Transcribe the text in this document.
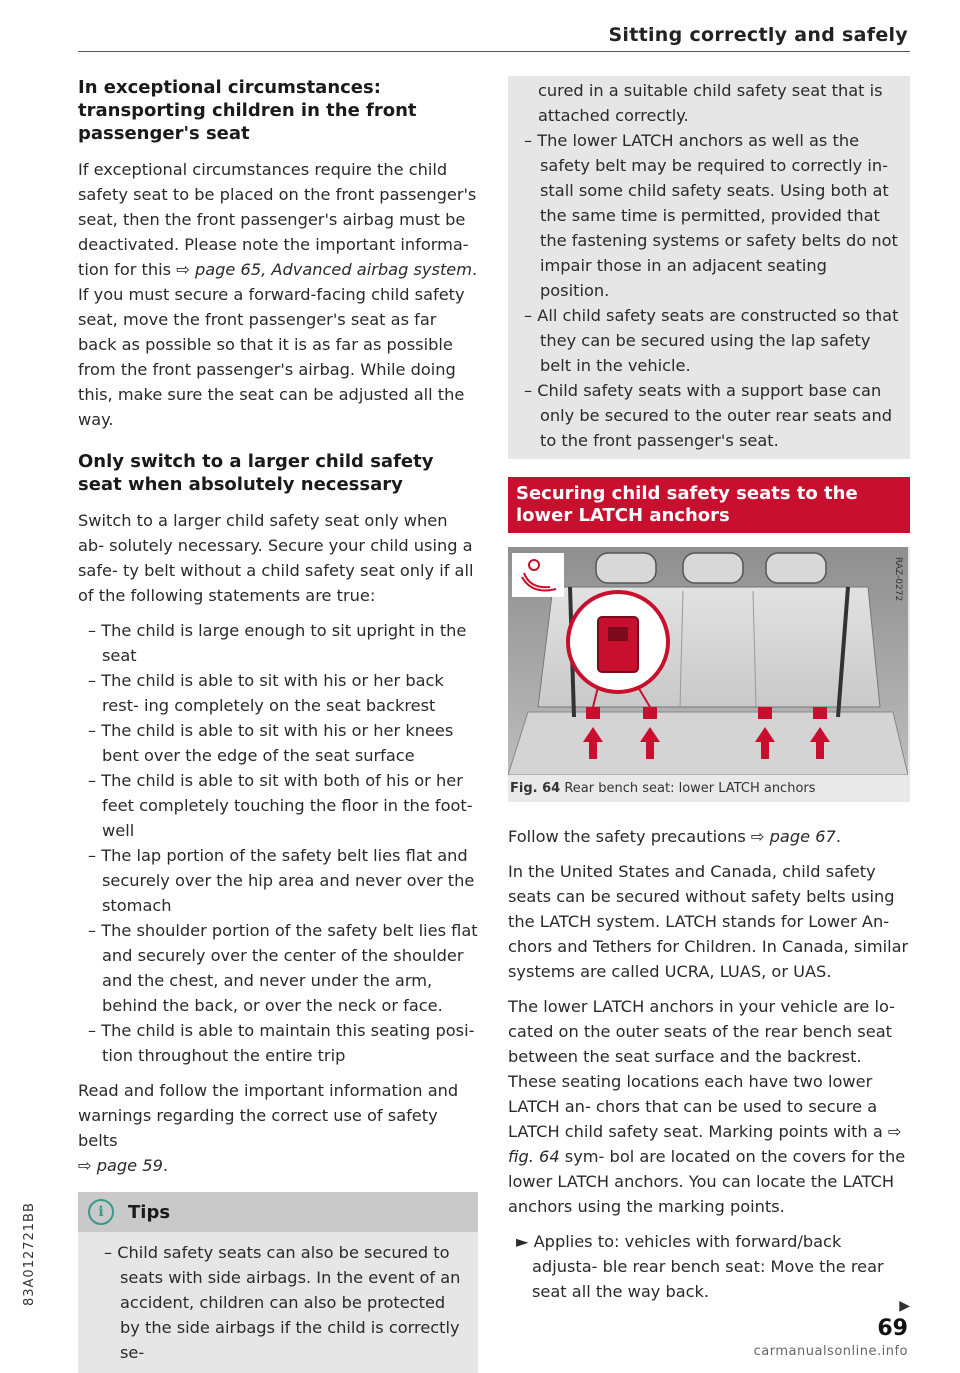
Sitting correctly and safely
In exceptional circumstances: transporting children in the front passenger's seat

If exceptional circumstances require the child safety seat to be placed on the front passenger's seat, then the front passenger's airbag must be deactivated. Please note the important informa- tion for this ⇨ page 65, Advanced airbag system. If you must secure a forward-facing child safety seat, move the front passenger's seat as far back as possible so that it is as far as possible from the front passenger's airbag. While doing this, make sure the seat can be adjusted all the way.

Only switch to a larger child safety seat when absolutely necessary

Switch to a larger child safety seat only when ab- solutely necessary. Secure your child using a safe- ty belt without a child safety seat only if all of the following statements are true:

– The child is large enough to sit upright in the seat
– The child is able to sit with his or her back rest- ing completely on the seat backrest
– The child is able to sit with his or her knees bent over the edge of the seat surface
– The child is able to sit with both of his or her feet completely touching the floor in the foot- well
– The lap portion of the safety belt lies flat and securely over the hip area and never over the stomach
– The shoulder portion of the safety belt lies flat and securely over the center of the shoulder and the chest, and never under the arm, behind the back, or over the neck or face.
– The child is able to maintain this seating posi- tion throughout the entire trip

Read and follow the important information and warnings regarding the correct use of safety belts
⇨ page 59.

i	Tips
– Child safety seats can also be secured to seats with side airbags. In the event of an accident, children can also be protected by the side airbags if the child is correctly se-
cured in a suitable child safety seat that is attached correctly.
– The lower LATCH anchors as well as the safety belt may be required to correctly in- stall some child safety seats. Using both at the same time is permitted, provided that the fastening systems or safety belts do not impair those in an adjacent seating position.
– All child safety seats are constructed so that they can be secured using the lap safety belt in the vehicle.
– Child safety seats with a support base can only be secured to the outer rear seats and to the front passenger's seat.
Securing child safety seats to the lower LATCH anchors
RAZ-0272
Fig. 64 Rear bench seat: lower LATCH anchors

Follow the safety precautions ⇨ page 67.

In the United States and Canada, child safety seats can be secured without safety belts using the LATCH system. LATCH stands for Lower An- chors and Tethers for Children. In Canada, similar systems are called UCRA, LUAS, or UAS.

The lower LATCH anchors in your vehicle are lo- cated on the outer seats of the rear bench seat between the seat surface and the backrest. These seating locations each have two lower LATCH an- chors that can be used to secure a LATCH child safety seat. Marking points with a ⇨ fig. 64 sym- bol are located on the covers for the lower LATCH anchors. You can locate the LATCH anchors using the marking points.

► Applies to: vehicles with forward/back adjusta- ble rear bench seat: Move the rear seat all the way back.

▶
83A012721BB
69
carmanualsonline.info
